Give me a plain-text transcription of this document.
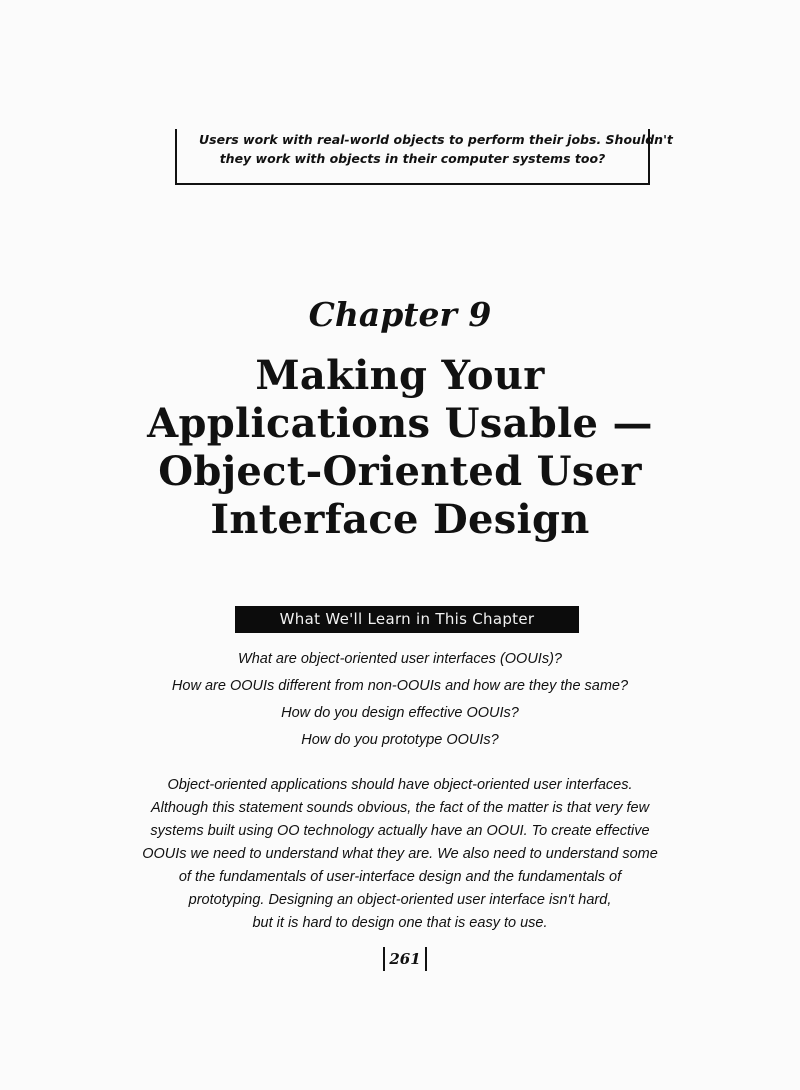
Users work with real-world objects to perform their jobs. Shouldn't
they work with objects in their computer systems too?
Chapter 9
Making Your
Applications Usable —
Object-Oriented User
Interface Design
What We'll Learn in This Chapter
What are object-oriented user interfaces (OOUIs)?
How are OOUIs different from non-OOUIs and how are they the same?
How do you design effective OOUIs?
How do you prototype OOUIs?
Object-oriented applications should have object-oriented user interfaces.
Although this statement sounds obvious, the fact of the matter is that very few
systems built using OO technology actually have an OOUI. To create effective
OOUIs we need to understand what they are. We also need to understand some
of the fundamentals of user-interface design and the fundamentals of
prototyping. Designing an object-oriented user interface isn't hard,
but it is hard to design one that is easy to use.
261
